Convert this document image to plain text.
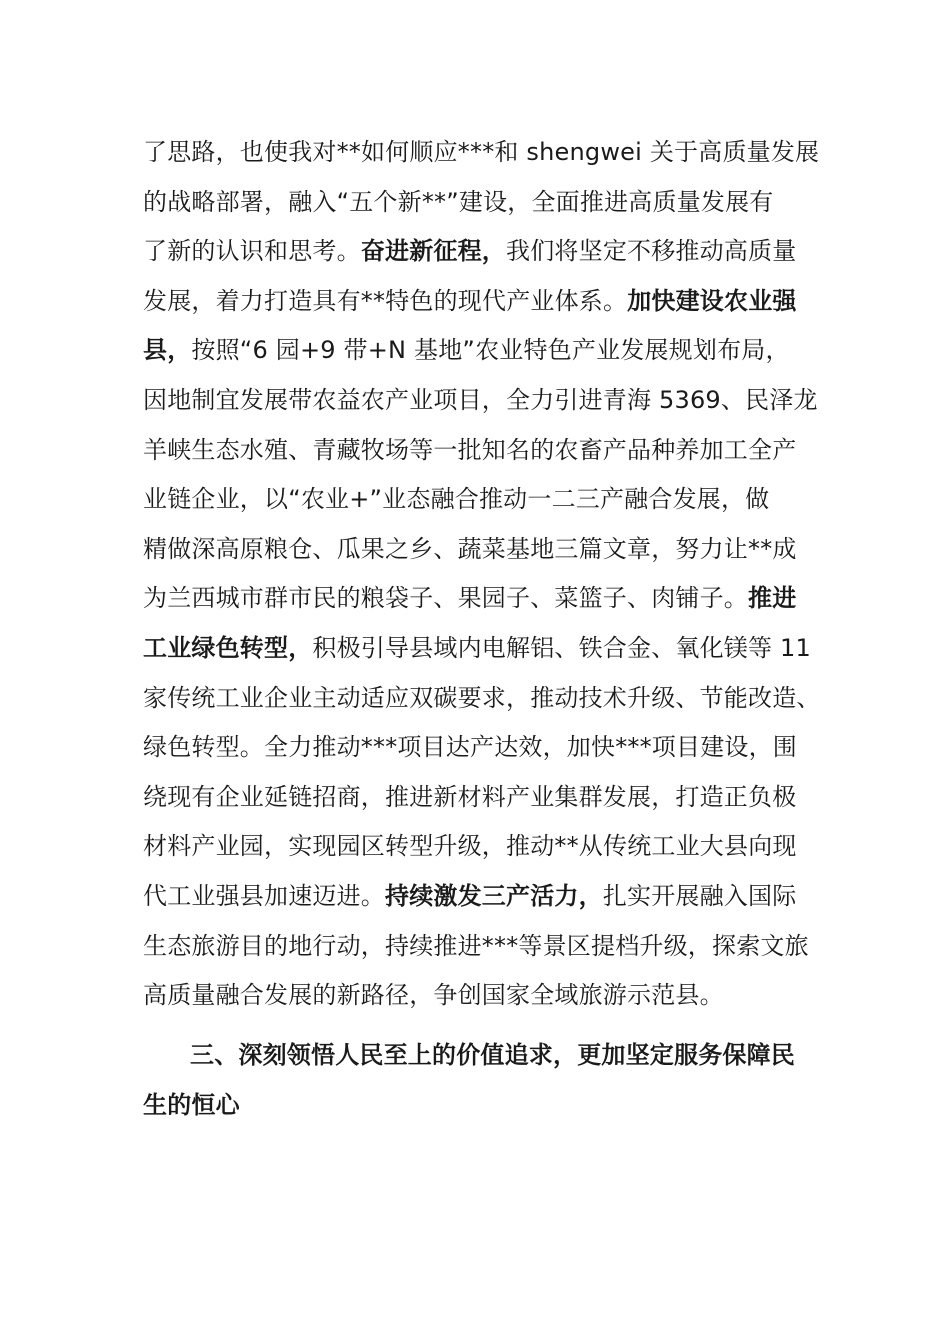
了思路，也使我对**如何顺应***和 shengwei 关于高质量发展
的战略部署，融入“五个新**”建设，全面推进高质量发展有
了新的认识和思考。奋进新征程，我们将坚定不移推动高质量
发展，着力打造具有**特色的现代产业体系。加快建设农业强
县，按照“6 园+9 带+N 基地”农业特色产业发展规划布局，
因地制宜发展带农益农产业项目，全力引进青海 5369、民泽龙
羊峡生态水殖、青藏牧场等一批知名的农畜产品种养加工全产
业链企业，以“农业+”业态融合推动一二三产融合发展，做
精做深高原粮仓、瓜果之乡、蔬菜基地三篇文章，努力让**成
为兰西城市群市民的粮袋子、果园子、菜篮子、肉铺子。推进
工业绿色转型，积极引导县域内电解铝、铁合金、氧化镁等 11
家传统工业企业主动适应双碳要求，推动技术升级、节能改造、
绿色转型。全力推动***项目达产达效，加快***项目建设，围
绕现有企业延链招商，推进新材料产业集群发展，打造正负极
材料产业园，实现园区转型升级，推动**从传统工业大县向现
代工业强县加速迈进。持续激发三产活力，扎实开展融入国际
生态旅游目的地行动，持续推进***等景区提档升级，探索文旅
高质量融合发展的新路径，争创国家全域旅游示范县。
三、深刻领悟人民至上的价值追求，更加坚定服务保障民
生的恒心
